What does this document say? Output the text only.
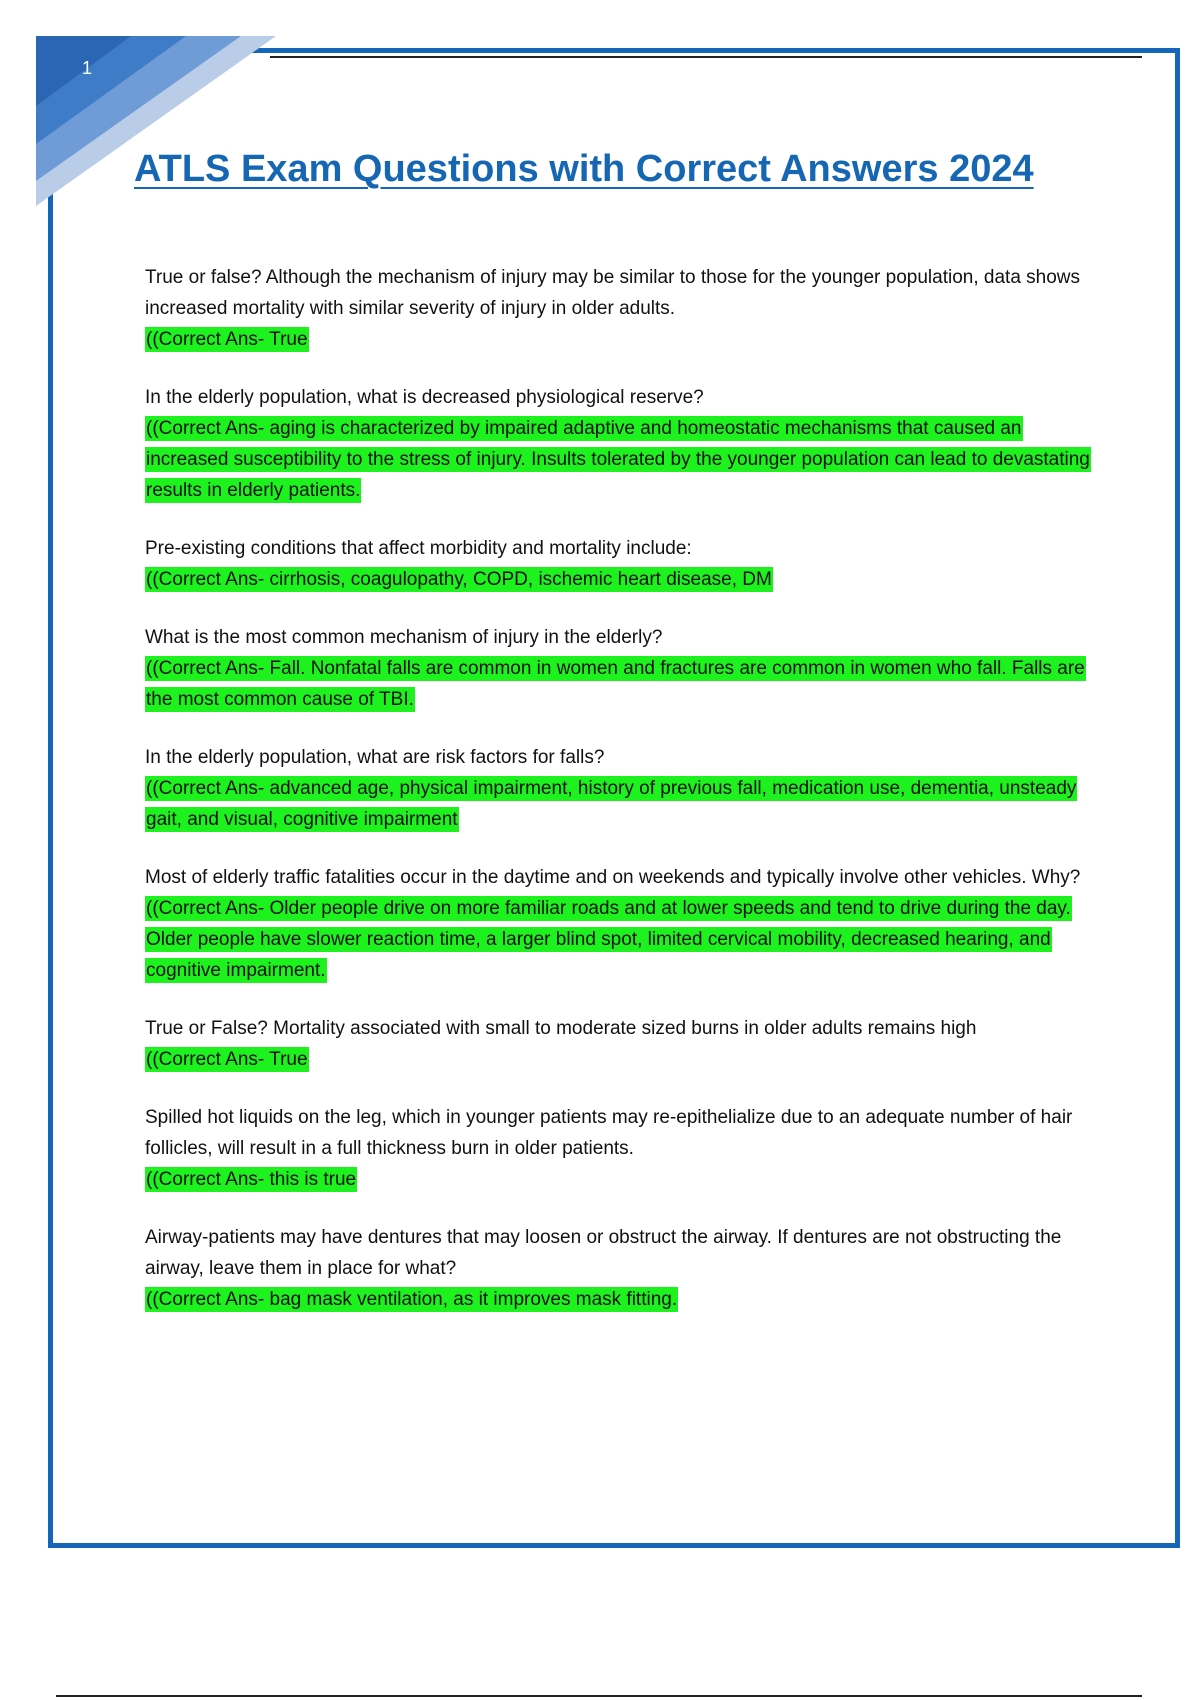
1
ATLS Exam Questions with Correct Answers 2024

True or false? Although the mechanism of injury may be similar to those for the younger population, data shows increased mortality with similar severity of injury in older adults.

((Correct Ans- True

In the elderly population, what is decreased physiological reserve?

((Correct Ans- aging is characterized by impaired adaptive and homeostatic mechanisms that caused an increased susceptibility to the stress of injury. Insults tolerated by the younger population can lead to devastating results in elderly patients.

Pre-existing conditions that affect morbidity and mortality include:

((Correct Ans- cirrhosis, coagulopathy, COPD, ischemic heart disease, DM

What is the most common mechanism of injury in the elderly?

((Correct Ans- Fall. Nonfatal falls are common in women and fractures are common in women who fall. Falls are the most common cause of TBI.

In the elderly population, what are risk factors for falls?

((Correct Ans- advanced age, physical impairment, history of previous fall, medication use, dementia, unsteady gait, and visual, cognitive impairment

Most of elderly traffic fatalities occur in the daytime and on weekends and typically involve other vehicles. Why?

((Correct Ans- Older people drive on more familiar roads and at lower speeds and tend to drive during the day. Older people have slower reaction time, a larger blind spot, limited cervical mobility, decreased hearing, and cognitive impairment.

True or False? Mortality associated with small to moderate sized burns in older adults remains high

((Correct Ans- True

Spilled hot liquids on the leg, which in younger patients may re-epithelialize due to an adequate number of hair follicles, will result in a full thickness burn in older patients.

((Correct Ans- this is true

Airway-patients may have dentures that may loosen or obstruct the airway. If dentures are not obstructing the airway, leave them in place for what?

((Correct Ans- bag mask ventilation, as it improves mask fitting.
